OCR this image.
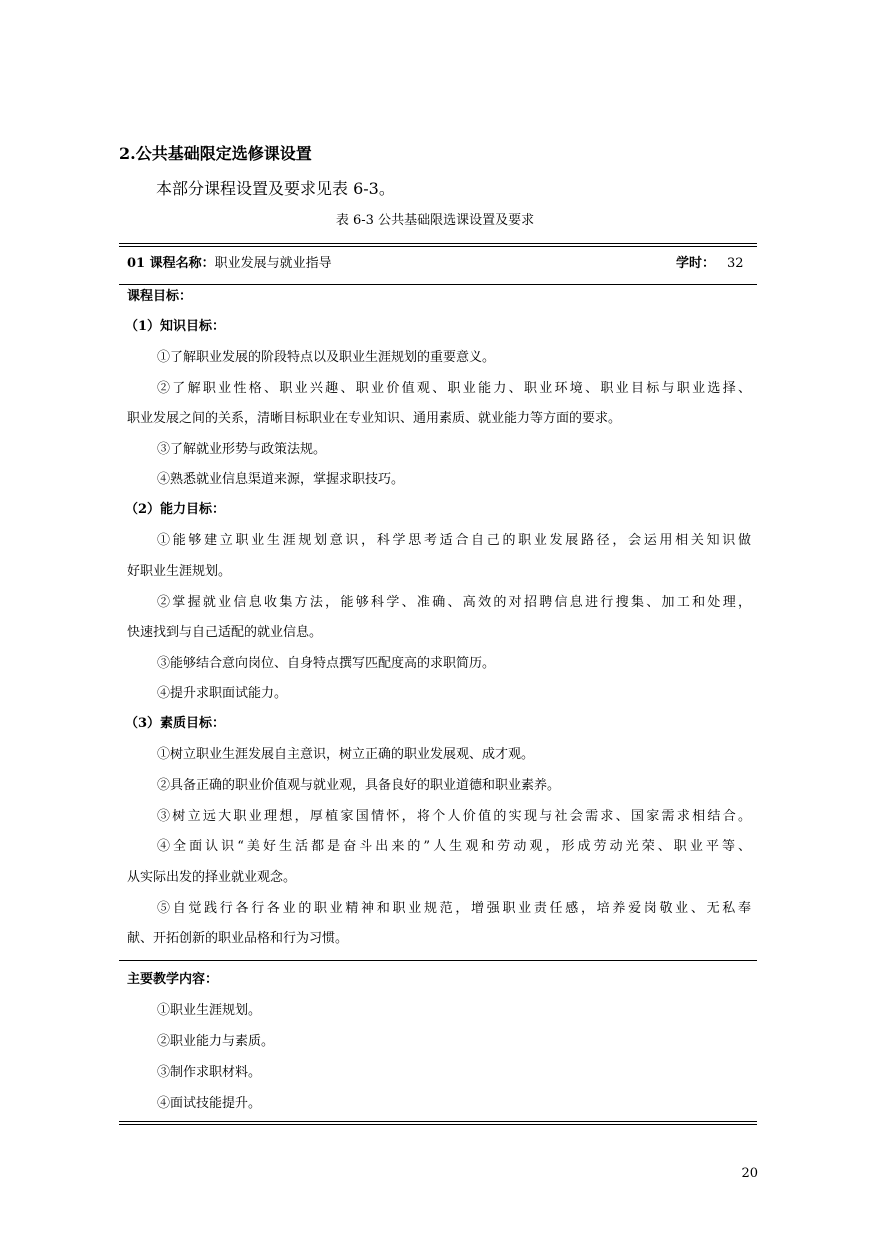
2.公共基础限定选修课设置
本部分课程设置及要求见表 6-3。
表 6-3 公共基础限选课设置及要求
01 课程名称：职业发展与就业指导	学时： 32
课程目标：
（1）知识目标：
①了解职业发展的阶段特点以及职业生涯规划的重要意义。
②了解职业性格、职业兴趣、职业价值观、职业能力、职业环境、职业目标与职业选择、
职业发展之间的关系，清晰目标职业在专业知识、通用素质、就业能力等方面的要求。
③了解就业形势与政策法规。
④熟悉就业信息渠道来源，掌握求职技巧。
（2）能力目标：
①能够建立职业生涯规划意识，科学思考适合自己的职业发展路径，会运用相关知识做
好职业生涯规划。
②掌握就业信息收集方法，能够科学、准确、高效的对招聘信息进行搜集、加工和处理，
快速找到与自己适配的就业信息。
③能够结合意向岗位、自身特点撰写匹配度高的求职简历。
④提升求职面试能力。
（3）素质目标：
①树立职业生涯发展自主意识，树立正确的职业发展观、成才观。
②具备正确的职业价值观与就业观，具备良好的职业道德和职业素养。
③树立远大职业理想，厚植家国情怀，将个人价值的实现与社会需求、国家需求相结合。
④全面认识“美好生活都是奋斗出来的”人生观和劳动观，形成劳动光荣、职业平等、
从实际出发的择业就业观念。
⑤自觉践行各行各业的职业精神和职业规范，增强职业责任感，培养爱岗敬业、无私奉
献、开拓创新的职业品格和行为习惯。
主要教学内容：
①职业生涯规划。
②职业能力与素质。
③制作求职材料。
④面试技能提升。
20
